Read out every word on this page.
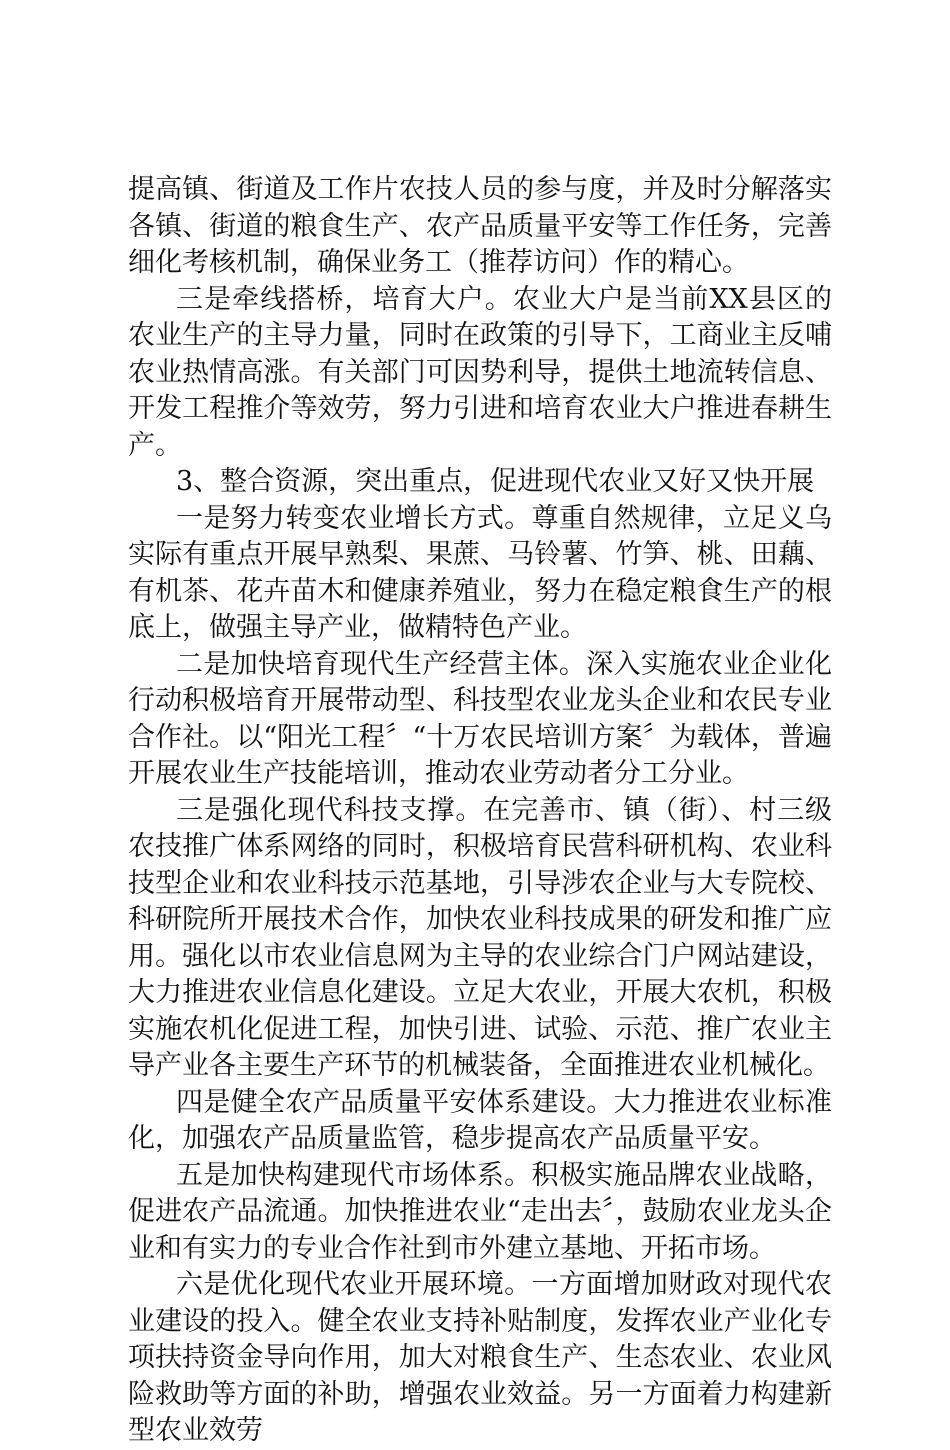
提高镇、街道及工作片农技人员的参与度，并及时分解落实各镇、街道的粮食生产、农产品质量平安等工作任务，完善细化考核机制，确保业务工（推荐访问）作的精心。

三是牵线搭桥，培育大户。农业大户是当前XX县区的农业生产的主导力量，同时在政策的引导下，工商业主反哺农业热情高涨。有关部门可因势利导，提供土地流转信息、开发工程推介等效劳，努力引进和培育农业大户推进春耕生产。

3、整合资源，突出重点，促进现代农业又好又快开展

一是努力转变农业增长方式。尊重自然规律，立足义乌实际有重点开展早熟梨、果蔗、马铃薯、竹笋、桃、田藕、有机茶、花卉苗木和健康养殖业，努力在稳定粮食生产的根底上，做强主导产业，做精特色产业。

二是加快培育现代生产经营主体。深入实施农业企业化行动积极培育开展带动型、科技型农业龙头企业和农民专业合作社。以“阳光工程〞“十万农民培训方案〞为载体，普遍开展农业生产技能培训，推动农业劳动者分工分业。

三是强化现代科技支撑。在完善市、镇（街）、村三级农技推广体系网络的同时，积极培育民营科研机构、农业科技型企业和农业科技示范基地，引导涉农企业与大专院校、科研院所开展技术合作，加快农业科技成果的研发和推广应用。强化以市农业信息网为主导的农业综合门户网站建设，大力推进农业信息化建设。立足大农业，开展大农机，积极实施农机化促进工程，加快引进、试验、示范、推广农业主导产业各主要生产环节的机械装备，全面推进农业机械化。

四是健全农产品质量平安体系建设。大力推进农业标准化，加强农产品质量监管，稳步提高农产品质量平安。

五是加快构建现代市场体系。积极实施品牌农业战略，促进农产品流通。加快推进农业“走出去〞，鼓励农业龙头企业和有实力的专业合作社到市外建立基地、开拓市场。

六是优化现代农业开展环境。一方面增加财政对现代农业建设的投入。健全农业支持补贴制度，发挥农业产业化专项扶持资金导向作用，加大对粮食生产、生态农业、农业风险救助等方面的补助，增强农业效益。另一方面着力构建新型农业效劳
